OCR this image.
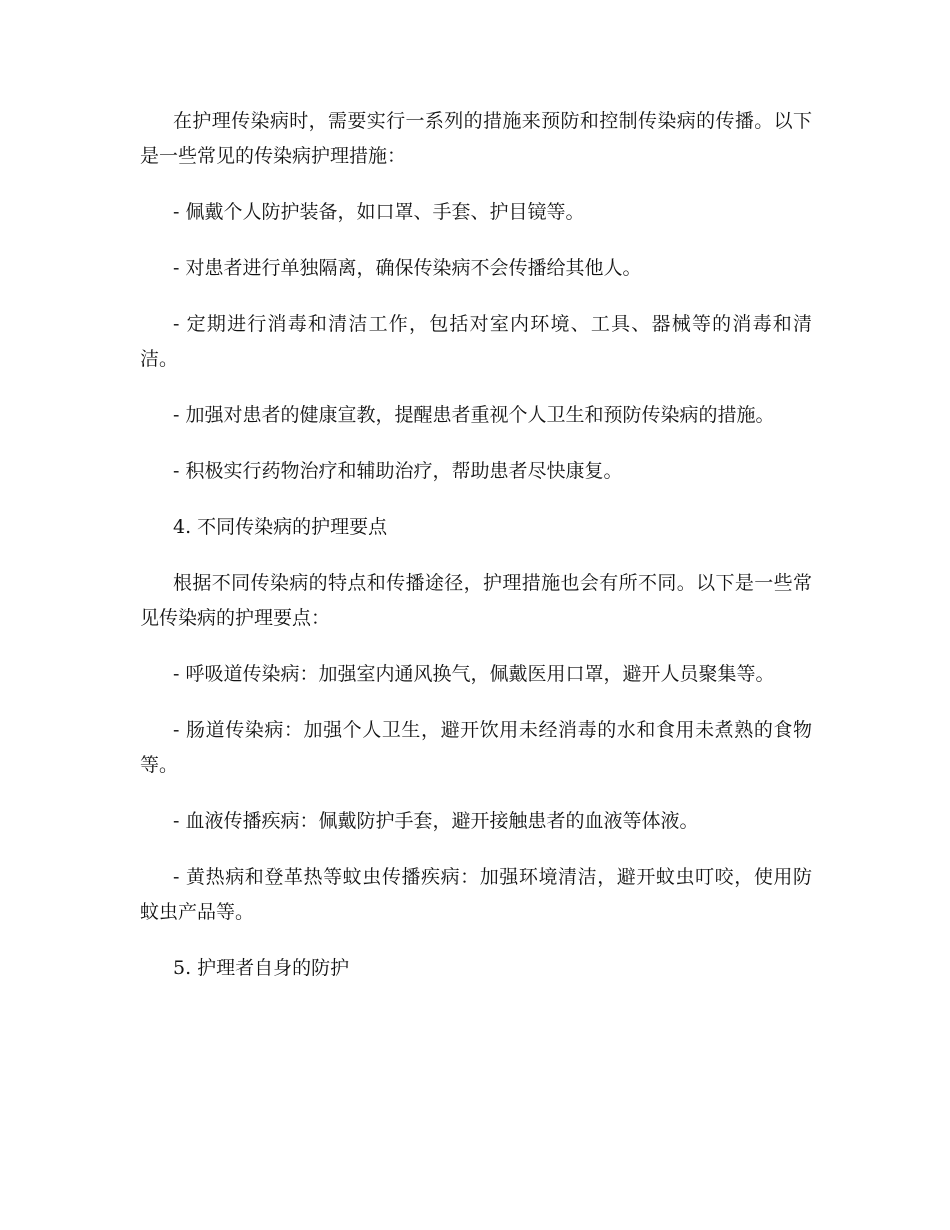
在护理传染病时，需要实行一系列的措施来预防和控制传染病的传播。以下是一些常见的传染病护理措施：

- 佩戴个人防护装备，如口罩、手套、护目镜等。

- 对患者进行单独隔离，确保传染病不会传播给其他人。

- 定期进行消毒和清洁工作，包括对室内环境、工具、器械等的消毒和清洁。

- 加强对患者的健康宣教，提醒患者重视个人卫生和预防传染病的措施。

- 积极实行药物治疗和辅助治疗，帮助患者尽快康复。

4. 不同传染病的护理要点

根据不同传染病的特点和传播途径，护理措施也会有所不同。以下是一些常见传染病的护理要点：

- 呼吸道传染病：加强室内通风换气，佩戴医用口罩，避开人员聚集等。

- 肠道传染病：加强个人卫生，避开饮用未经消毒的水和食用未煮熟的食物等。

- 血液传播疾病：佩戴防护手套，避开接触患者的血液等体液。

- 黄热病和登革热等蚊虫传播疾病：加强环境清洁，避开蚊虫叮咬，使用防蚊虫产品等。

5. 护理者自身的防护
